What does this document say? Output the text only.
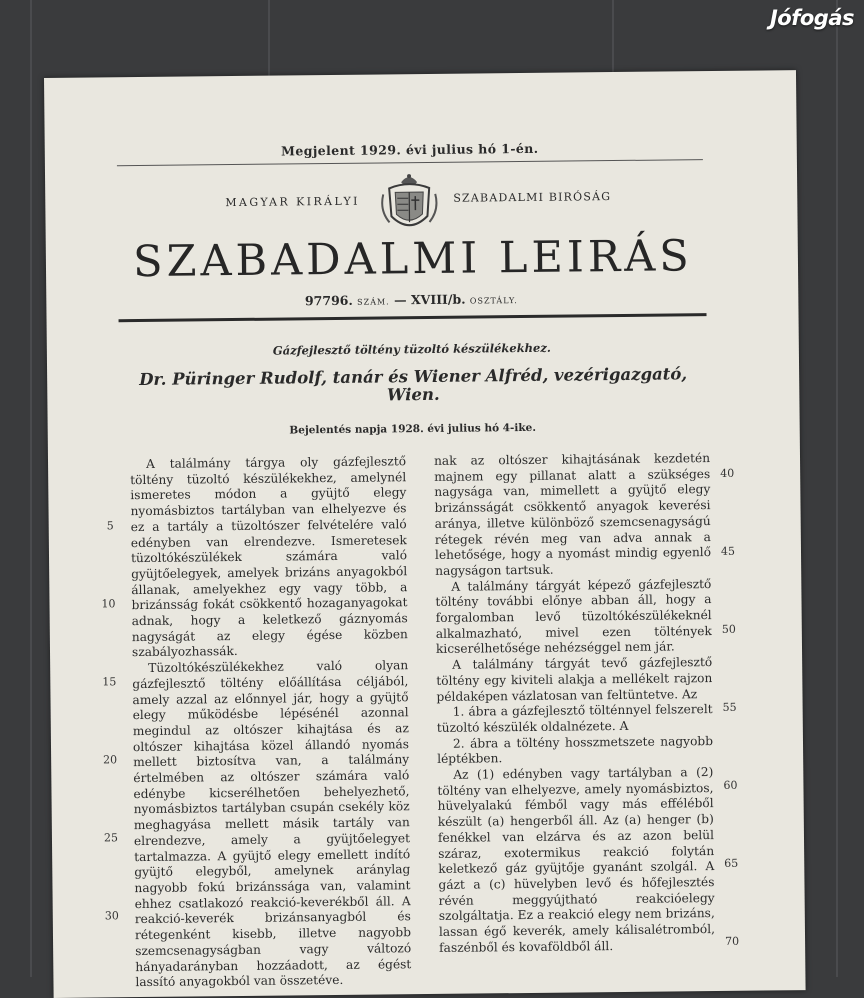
Jófogás
Megjelent 1929. évi julius hó 1-én.
MAGYAR KIRÁLYI	SZABADALMI BIRÓSÁG
SZABADALMI LEIRÁS
97796. SZÁM. — XVIII/b. OSZTÁLY.
Gázfejlesztő töltény tüzoltó készülékekhez.
Dr. Püringer Rudolf, tanár és Wiener Alfréd, vezérigazgató, Wien.
Bejelentés napja 1928. évi julius hó 4-ike.

A találmány tárgya oly gázfejlesztő töltény tüzoltó készülékekhez, amelynél ismeretes módon a gyüjtő elegy nyomásbiztos tartályban van elhelyezve és ez a tartály a tüzoltószer felvételére való edényben van elrendezve. Ismeretesek tüzoltókészülékek számára való gyüjtőelegyek, amelyek brizáns anyagokból állanak, amelyekhez egy vagy több, a brizánsság fokát csökkentő hozaganyagokat adnak, hogy a keletkező gáznyomás nagyságát az elegy égése közben szabályozhassák.

Tüzoltókészülékekhez való olyan gázfejlesztő töltény előállítása céljából, amely azzal az előnnyel jár, hogy a gyüjtő elegy működésbe lépésénél azonnal megindul az oltószer kihajtása és az oltószer kihajtása közel állandó nyomás mellett biztosítva van, a találmány értelmében az oltószer számára való edénybe kicserélhetően behelyezhető, nyomásbiztos tartályban csupán csekély köz meghagyása mellett másik tartály van elrendezve, amely a gyüjtőelegyet tartalmazza. A gyüjtő elegy emellett indító gyüjtő elegyből, amelynek aránylag nagyobb fokú brizánssága van, valamint ehhez csatlakozó reakció-keverékből áll. A reakció-keverék brizánsanyagból és rétegenként kisebb, illetve nagyobb szemcsenagyságban vagy változó hányadarányban hozzáadott, az égést lassító anyagokból van összetéve.

nak az oltószer kihajtásának kezdetén majnem egy pillanat alatt a szükséges nagysága van, mimellett a gyüjtő elegy brizánsságát csökkentő anyagok keverési aránya, illetve különböző szemcsenagyságú rétegek révén meg van adva annak a lehetősége, hogy a nyomást mindig egyenlő nagyságon tartsuk.

A találmány tárgyát képező gázfejlesztő töltény további előnye abban áll, hogy a forgalomban levő tüzoltókészülékeknél alkalmazható, mivel ezen töltények kicserélhetősége nehézséggel nem jár.

A találmány tárgyát tevő gázfejlesztő töltény egy kiviteli alakja a mellékelt rajzon példaképen vázlatosan van feltüntetve. Az

1. ábra a gázfejlesztő tölténnyel felszerelt tüzoltó készülék oldalnézete. A

2. ábra a töltény hosszmetszete nagyobb léptékben.

Az (1) edényben vagy tartályban a (2) töltény van elhelyezve, amely nyomásbiztos, hüvelyalakú fémből vagy más efféléből készült (a) hengerből áll. Az (a) henger (b) fenékkel van elzárva és az azon belül száraz, exotermikus reakció folytán keletkező gáz gyüjtője gyanánt szolgál. A gázt a (c) hüvelyben levő és hőfejlesztés révén meggyújtható reakcióelegy szolgáltatja. Ez a reakció elegy nem brizáns, lassan égő keverék, amely kálisalétromból, faszénből és kovaföldből áll.

5
10
15
20
25
30
40
45
50
55
60
65
70
